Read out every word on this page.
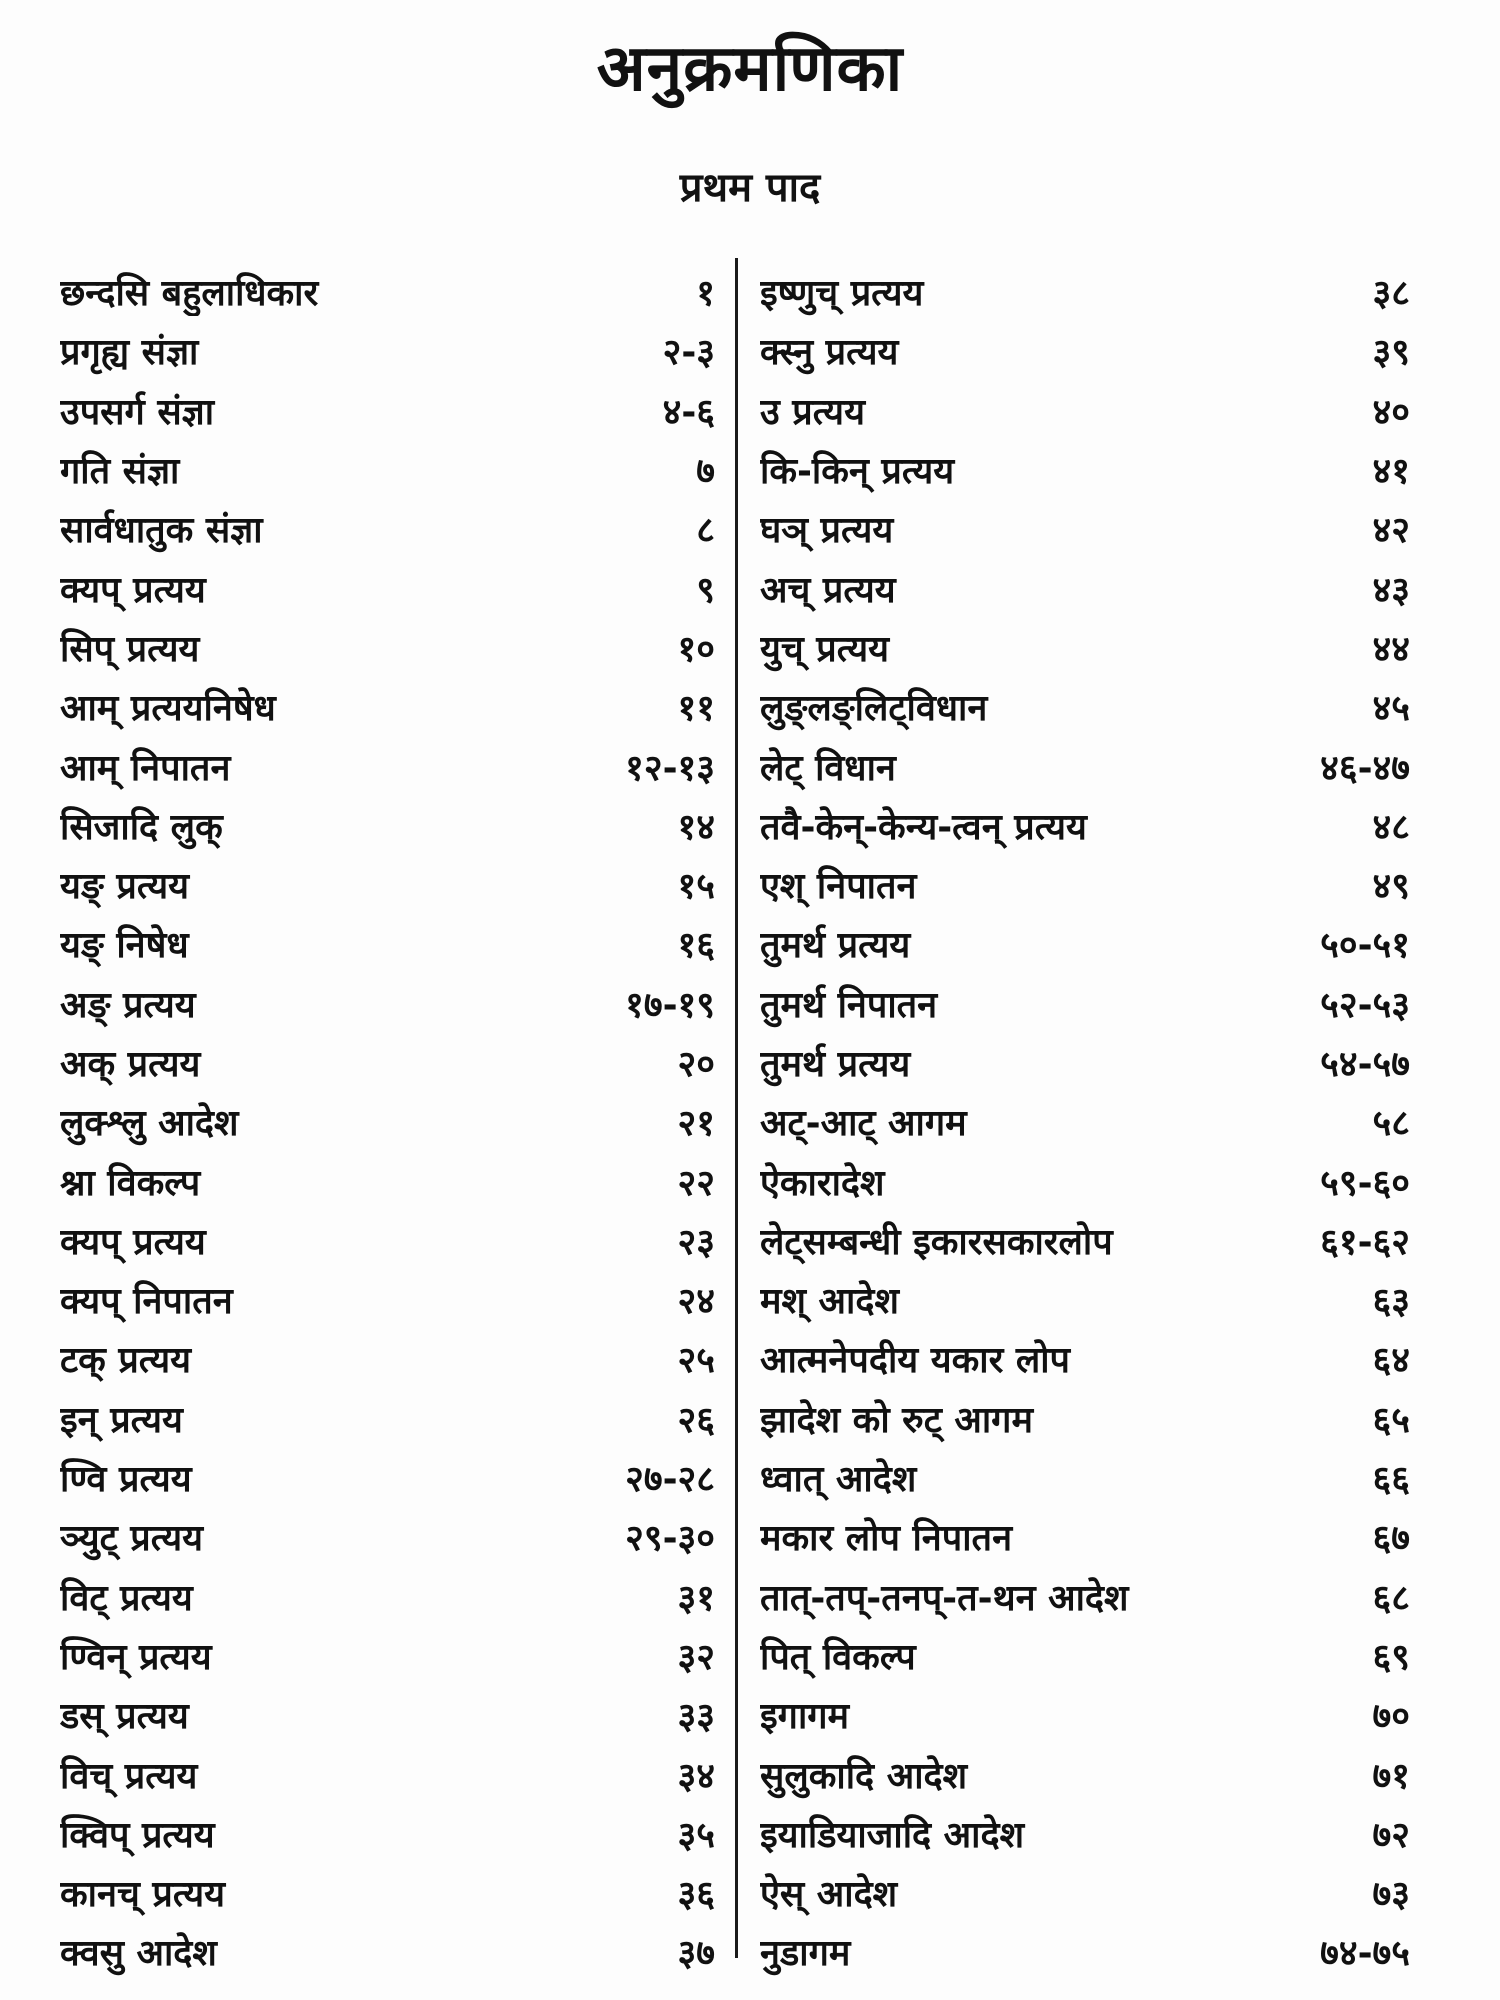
अनुक्रमणिका
प्रथम पाद
छन्दसि बहुलाधिकार	१
प्रगृह्य संज्ञा	२-३
उपसर्ग संज्ञा	४-६
गति संज्ञा	७
सार्वधातुक संज्ञा	८
क्यप् प्रत्यय	९
सिप् प्रत्यय	१०
आम् प्रत्ययनिषेध	११
आम् निपातन	१२-१३
सिजादि लुक्	१४
यङ् प्रत्यय	१५
यङ् निषेध	१६
अङ् प्रत्यय	१७-१९
अक् प्रत्यय	२०
लुक्श्लु आदेश	२१
श्ना विकल्प	२२
क्यप् प्रत्यय	२३
क्यप् निपातन	२४
टक् प्रत्यय	२५
इन् प्रत्यय	२६
ण्वि प्रत्यय	२७-२८
ञ्युट् प्रत्यय	२९-३०
विट् प्रत्यय	३१
ण्विन् प्रत्यय	३२
डस् प्रत्यय	३३
विच् प्रत्यय	३४
क्विप् प्रत्यय	३५
कानच् प्रत्यय	३६
क्वसु आदेश	३७
इष्णुच् प्रत्यय	३८
क्स्नु प्रत्यय	३९
उ प्रत्यय	४०
कि-किन् प्रत्यय	४१
घञ् प्रत्यय	४२
अच् प्रत्यय	४३
युच् प्रत्यय	४४
लुङ्लङ्लिट्विधान	४५
लेट् विधान	४६-४७
तवै-केन्-केन्य-त्वन् प्रत्यय	४८
एश् निपातन	४९
तुमर्थ प्रत्यय	५०-५१
तुमर्थ निपातन	५२-५३
तुमर्थ प्रत्यय	५४-५७
अट्-आट् आगम	५८
ऐकारादेश	५९-६०
लेट्सम्बन्धी इकारसकारलोप	६१-६२
मश् आदेश	६३
आत्मनेपदीय यकार लोप	६४
झादेश को रुट् आगम	६५
ध्वात् आदेश	६६
मकार लोप निपातन	६७
तात्-तप्-तनप्-त-थन आदेश	६८
पित् विकल्प	६९
इगागम	७०
सुलुकादि आदेश	७१
इयाडियाजादि आदेश	७२
ऐस् आदेश	७३
नुडागम	७४-७५
